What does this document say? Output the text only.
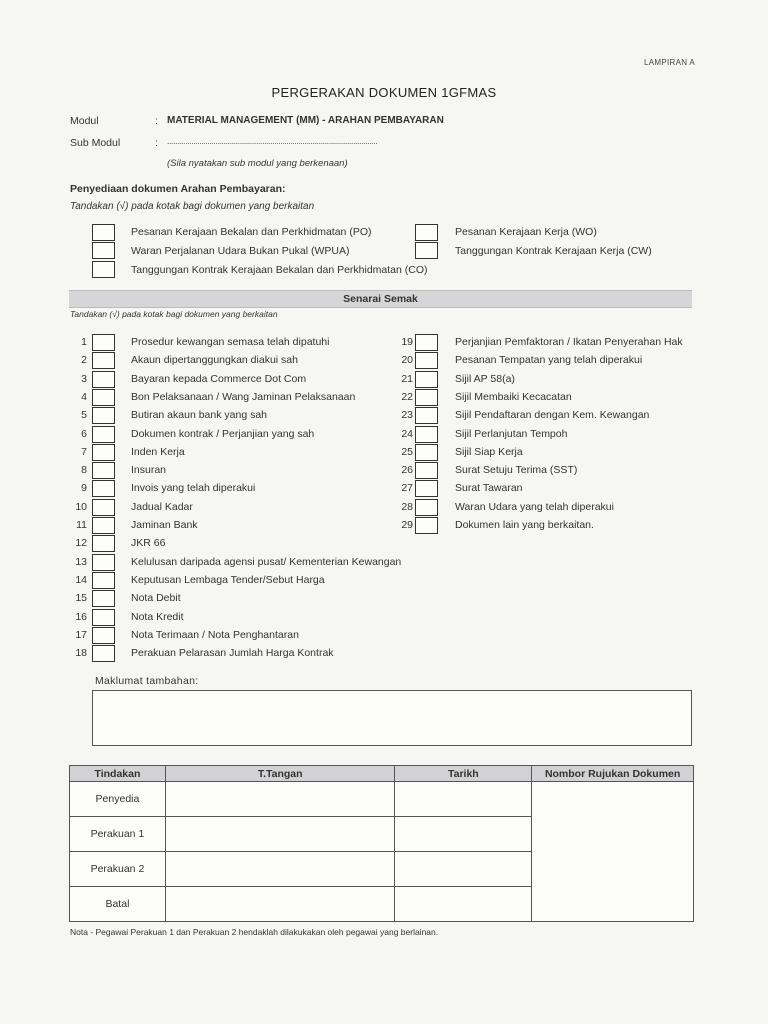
LAMPIRAN A
PERGERAKAN DOKUMEN 1GFMAS
Modul	: MATERIAL MANAGEMENT (MM) - ARAHAN PEMBAYARAN
Sub Modul	: ........................................................................................................
(Sila nyatakan sub modul yang berkenaan)
Penyediaan dokumen Arahan Pembayaran:
Tandakan (√) pada kotak bagi dokumen yang berkaitan
Pesanan Kerajaan Bekalan dan Perkhidmatan (PO)
Waran Perjalanan Udara Bukan Pukal (WPUA)
Tanggungan Kontrak Kerajaan Bekalan dan Perkhidmatan (CO)
Pesanan Kerajaan Kerja (WO)
Tanggungan Kontrak Kerajaan Kerja (CW)
Senarai Semak
Tandakan (√) pada kotak bagi dokumen yang berkaitan
1	Prosedur kewangan semasa telah dipatuhi
2	Akaun dipertanggungkan diakui sah
3	Bayaran kepada Commerce Dot Com
4	Bon Pelaksanaan / Wang Jaminan Pelaksanaan
5	Butiran akaun bank yang sah
6	Dokumen kontrak / Perjanjian yang sah
7	Inden Kerja
8	Insuran
9	Invois yang telah diperakui
10	Jadual Kadar
11	Jaminan Bank
12	JKR 66
13	Kelulusan daripada agensi pusat/ Kementerian Kewangan
14	Keputusan Lembaga Tender/Sebut Harga
15	Nota Debit
16	Nota Kredit
17	Nota Terimaan / Nota Penghantaran
18	Perakuan Pelarasan Jumlah Harga Kontrak
19	Perjanjian Pemfaktoran / Ikatan Penyerahan Hak
20	Pesanan Tempatan yang telah diperakui
21	Sijil AP 58(a)
22	Sijil Membaiki Kecacatan
23	Sijil Pendaftaran dengan Kem. Kewangan
24	Sijil Perlanjutan Tempoh
25	Sijil Siap Kerja
26	Surat Setuju Terima (SST)
27	Surat Tawaran
28	Waran Udara yang telah diperakui
29	Dokumen lain yang berkaitan.
Maklumat tambahan:
Tindakan	T.Tangan	Tarikh	Nombor Rujukan Dokumen
Penyedia			
Perakuan 1			
Perakuan 2			
Batal			
Nota - Pegawai Perakuan 1 dan Perakuan 2 hendaklah dilakukakan oleh pegawai yang berlainan.
